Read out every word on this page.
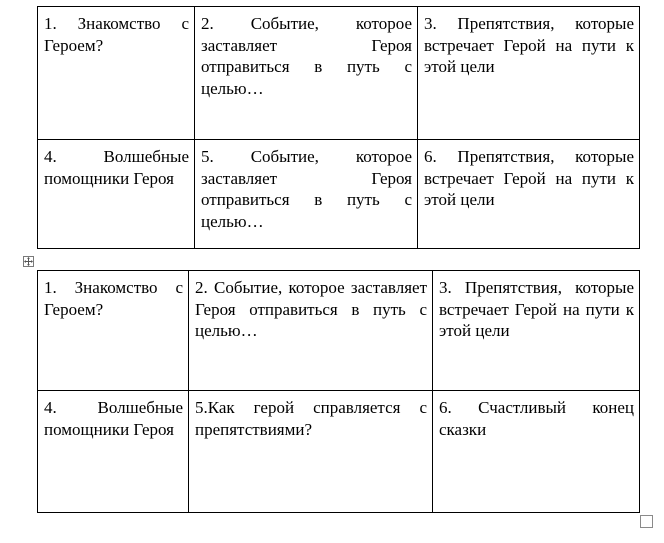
1. Знакомство с Героем?	2. Событие, которое заставляет Героя отправиться в путь с целью…	3. Препятствия, которые встречает Герой на пути к этой цели
4. Волшебные помощники Героя	5. Событие, которое заставляет Героя отправиться в путь с целью…	6. Препятствия, которые встречает Герой на пути к этой цели
1. Знакомство с Героем?	2. Событие, которое заставляет Героя отправиться в путь с целью…	3. Препятствия, которые встречает Герой на пути к этой цели
4. Волшебные помощники Героя	5.Как герой справляется с препятствиями?	6. Счастливый конец сказки
